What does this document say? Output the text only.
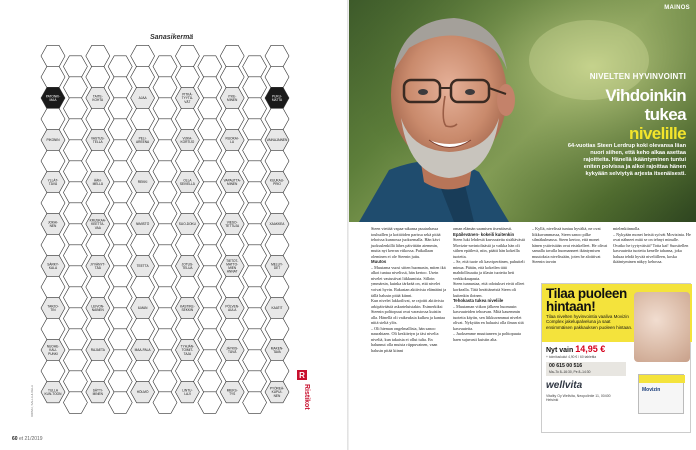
Sanasikermä
PATONKI-MAA
PIKONIN
YLLÄT-TÄVÄ
JOKAI-NEN
SÄRKY-KALA
TARJO-TIN
NUOHE-KAU-PUNKI
TULLA KUN-TOON
TAITE-KOHTA
VASTUS-TELLA
ÄÄN-MELLÄ
KRUSKAA-KEETTA-VAA
JYVÄNYT-TÄÄ
LEIVON-NAINEN
RAJAETA
SÄTTI-MINEN
AJAA
PELI-AREENA
REKKI
NIMISTÖ
TEETTA
ILMAN
MAA-PALA
HÖLMÖ
PITKÄ-TYYTÄ-VÄT
VIJKA-KORTIJO
OLLA SEIVELLÄ
SUO-DOKU
JOTUS-TELUA
KASTIKE-SEKKIN
TYHJÄN-TOIMIT-TAJA
LINTU-LAJI
ITKE-MINEN
RUOKAI-LU
VAPAUTTA-MINEN
VIESO-TETTUJA
TIETOT-MATTO-MIEN ANNAT
PÖLVEN-AULA
JÄYKIS-TÄVÄ
MIEKS-TYS
PUKU-MATTA
VAINAJAINEN
KUUKAU-PRIO
XAAKKEA
MELUY-DET
KAATIT
MAKEN-TAVA
PYÖREÄ-KUPUI-NEN
KRIMU, SALLA & KELA
R
Ristikot
60 et 21/2019
MAINOS
NIVELTEN HYVINVOINTI
Vihdoinkin
tukea
nivelille
64-vuotias Steen Lerdrup koki olevansa liian nuori siihen, että keho alkaa asettaa rajoitteita. Hänellä ikääntyminen tuntui eniten polvissa ja alkoi rajoittaa hänen kykyään selviytyä arjesta itsenäisesti.

Steen viettää vapaa-aikansa puutarhassa touhuillen ja kotitöiden parissa sekä pitää tehoissa kunnossa juoksemalla. Hän kävi juoksulenkillä lähes päivittäin aiemmin, mutta nyt kerran viikossa. Paikallaan oleminen ei ole Steenin juttu.

Muutos

– Muutama vuosi sitten huomasin, miten ikä alkoi tuntua nivelissä, hän kertoo. Usein nivelet vastustivat liikkumista. Silloin ymmärsin, kuinka tärkeää on, että nivelet voivat hyvin. Rakastan aktiivista elämääni ja tällä halusin pitää kiinni.

Kun nivelet lakkoilivat, se rajoitti aktiivista arkipäiväästä askarteluistakin. Esimerkiksi Steenin polttopuut ovat varastossa kuistin alla. Hänellä oli vaikeuksia kulkea ja kantaa niitä sieltä ylös.

– Oli hieman ongelmallista, hän sanoo naurahtaen. Oli keskitetyn ja täsi nivelia niveliä, kun takaisia ei ollut tulta. En halunnut olla muista riippuvainen, vaan halusin pitää kiinni

oman elämän saamisen itsenäisesti.

Epäilevänen- kokeili kuitenkin

Steen luki lehdestä kasvuuteita sisältävästä Movizin-ravintolisästä ja vaikka hän oli siihen epäilevä, niin, päätti hän kokeilla tuotetta.

– Se, että tuote oli kasviperäinen, puhutteli minua. Päätin, että kokeilen tätä mahdollisuutta ja tilasin tuotetta heti verkkokaupasta.

Steen tunnustaa, että odotukset eivät olleet korkealla. Tätä herättäneistä Steen oli kuitenkin iloinen.

Tehokasta tukea niveliile

– Muutaman viikon jälkeen huomasin kasvuuteiden tehoavan. Mitä kauemmin tuotetta käytin, sen liikkuvammat nivelet olivat. Nykyään en haluaisi olla ilman sitä kasvuuteita.

– Juoksemme muuttuneen ja polttopuuta haen sujuvasti kuistin alta.

– Kyllä, nivelissä tuntuu hyvältä, ne ovat liikkuvammassa, Steen sanoo pilke silmäkulmassa. Steen kertoo, että monet hänen ystävistään ovat etsiskelleet. He olivat samalla tavalla huomanneet ikäntymisen muutoksia nivelissään, joten he aloittivat Steenin tavoin

mielenkiinnolla.

– Nykyään monet heistä syövät Movizinia. He ovat nähneet mitä se on tehnyt minulle. Ovatko he tyytyväisiä? Totta kai! Suositellen kasvuuteita tuotetta kenelle tahansa, joka haluaa tehdä hyvää niveliilleen, koska ikääntyminen näkyy kehossa.

Tilaa puoleen
hintaan!
Tilaa nivelten hyvinvointia vaaliva Movizin Complex jakelupalveluna ja saat ensimmäisen pakkauksen puoleen hintaan.
Nyt vain 14,95 €
+ toimituskulut 4,90 € / 60 tablettia
00 615 00 516
Ma–To 8–16:30, Pe 8–14:30
wellvita
Vitality Oy Wellvita, Neopolintie 11, 00400 Helsinki
Movizin
